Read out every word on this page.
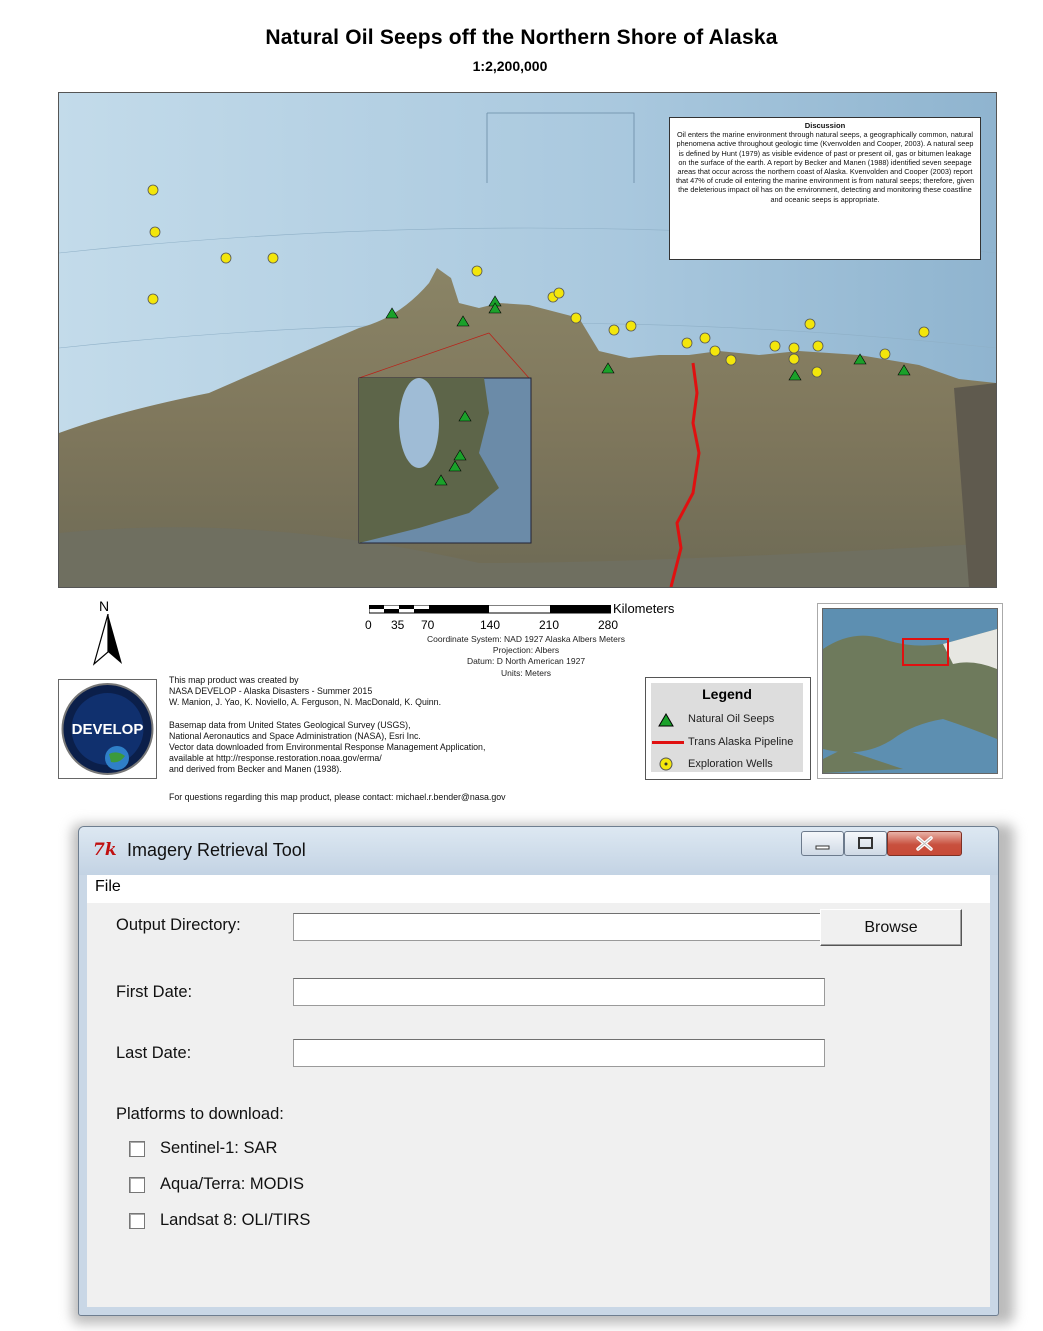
Natural Oil Seeps off the Northern Shore of Alaska
1:2,200,000
Discussion
Oil enters the marine environment through natural seeps, a geographically common, natural phenomena active throughout geologic time (Kvenvolden and Cooper, 2003). A natural seep is defined by Hunt (1979) as visible evidence of past or present oil, gas or bitumen leakage on the surface of the earth. A report by Becker and Manen (1988) identified seven seepage areas that occur across the northern coast of Alaska. Kvenvolden and Cooper (2003) report that 47% of crude oil entering the marine environment is from natural seeps; therefore, given the deleterious impact oil has on the environment, detecting and monitoring these coastline and oceanic seeps is appropriate.
N	Kilometers
0 35 70	140	210	280
Coordinate System: NAD 1927 Alaska Albers Meters
Projection: Albers
Datum: D North American 1927
Units: Meters
DEVELOP
This map product was created by
NASA DEVELOP - Alaska Disasters - Summer 2015
W. Manion, J. Yao, K. Noviello, A. Ferguson, N. MacDonald, K. Quinn.
Basemap data from United States Geological Survey (USGS),
National Aeronautics and Space Administration (NASA), Esri Inc.
Vector data downloaded from Environmental Response Management Application,
available at http://response.restoration.noaa.gov/erma/
and derived from Becker and Manen (1938).
For questions regarding this map product, please contact: michael.r.bender@nasa.gov
Legend
Natural Oil Seeps
Trans Alaska Pipeline
Exploration Wells
7k Imagery Retrieval Tool
File
Output Directory:	Browse
First Date:
Last Date:
Platforms to download:
Sentinel-1: SAR
Aqua/Terra: MODIS
Landsat 8: OLI/TIRS
